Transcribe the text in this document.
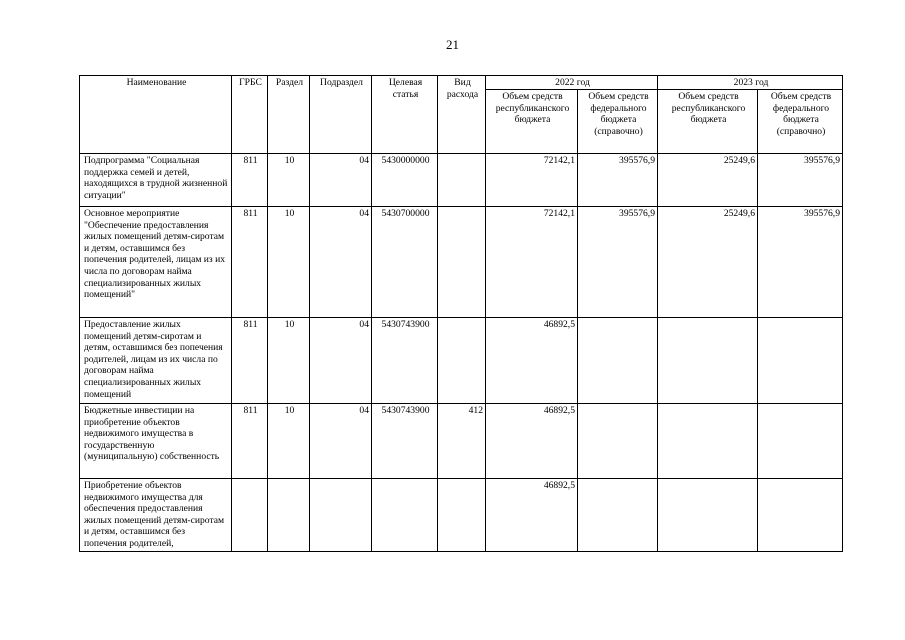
21
Наименование	ГРБС	Раздел	Подраздел	Целевая статья	Вид расхода	2022 год		2023 год	
						Объем средств республиканского бюджета	Объем средств федерального бюджета (справочно)	Объем средств республиканского бюджета	Объем средств федерального бюджета (справочно)
Подпрограмма "Социальная поддержка семей и детей, находящихся в трудной жизненной ситуации"	811	10	04	5430000000		72142,1	395576,9	25249,6	395576,9
Основное мероприятие "Обеспечение предоставления жилых помещений детям-сиротам и детям, оставшимся без попечения родителей, лицам из их числа по договорам найма специализированных жилых помещений"	811	10	04	5430700000		72142,1	395576,9	25249,6	395576,9
Предоставление жилых помещений детям-сиротам и детям, оставшимся без попечения родителей, лицам из их числа по договорам найма специализированных жилых помещений	811	10	04	5430743900		46892,5			
Бюджетные инвестиции на приобретение объектов недвижимого имущества в государственную (муниципальную) собственность	811	10	04	5430743900	412	46892,5			
Приобретение объектов недвижимого имущества для обеспечения предоставления жилых помещений детям-сиротам и детям, оставшимся без попечения родителей,						46892,5			
